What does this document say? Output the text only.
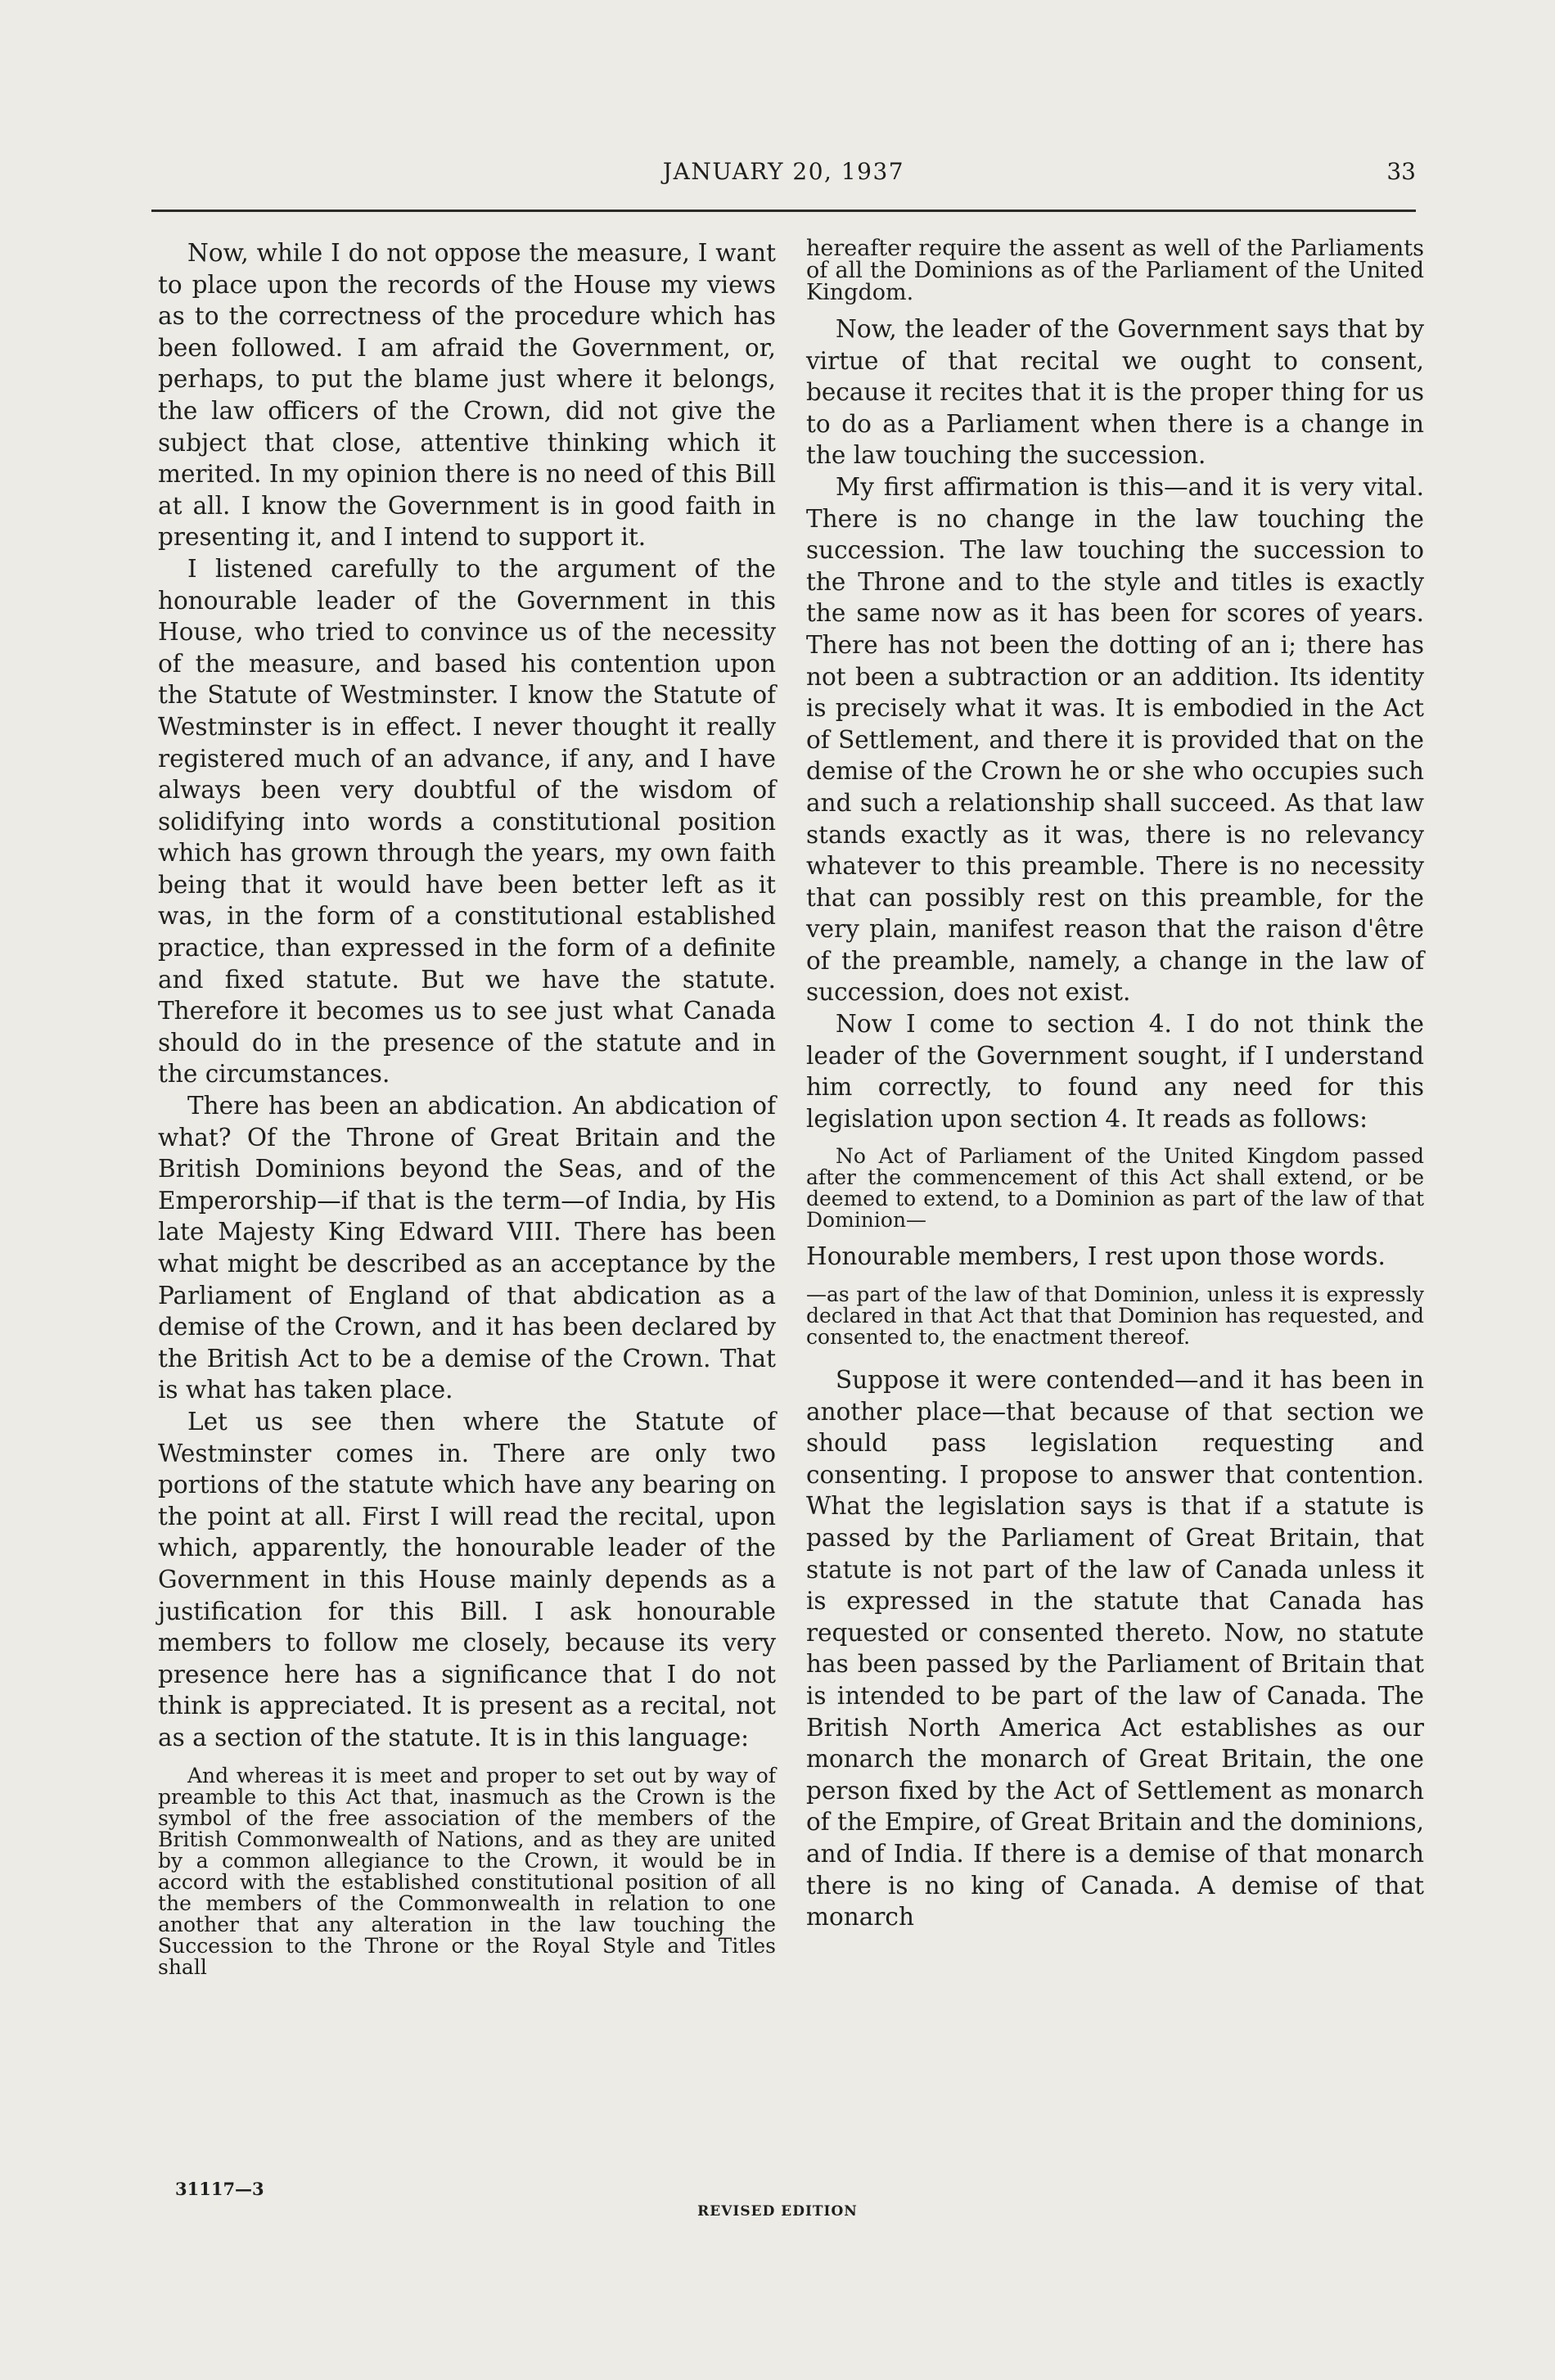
JANUARY 20, 1937	33

Now, while I do not oppose the measure, I want to place upon the records of the House my views as to the correctness of the procedure which has been followed. I am afraid the Government, or, perhaps, to put the blame just where it belongs, the law officers of the Crown, did not give the subject that close, attentive thinking which it merited. In my opinion there is no need of this Bill at all. I know the Government is in good faith in presenting it, and I intend to support it.

I listened carefully to the argument of the honourable leader of the Government in this House, who tried to convince us of the necessity of the measure, and based his contention upon the Statute of Westminster. I know the Statute of Westminster is in effect. I never thought it really registered much of an advance, if any, and I have always been very doubtful of the wisdom of solidifying into words a constitutional position which has grown through the years, my own faith being that it would have been better left as it was, in the form of a constitutional established practice, than expressed in the form of a definite and fixed statute. But we have the statute. Therefore it becomes us to see just what Canada should do in the presence of the statute and in the circumstances.

There has been an abdication. An abdication of what? Of the Throne of Great Britain and the British Dominions beyond the Seas, and of the Emperorship—if that is the term—of India, by His late Majesty King Edward VIII. There has been what might be described as an acceptance by the Parliament of England of that abdication as a demise of the Crown, and it has been declared by the British Act to be a demise of the Crown. That is what has taken place.

Let us see then where the Statute of Westminster comes in. There are only two portions of the statute which have any bearing on the point at all. First I will read the recital, upon which, apparently, the honourable leader of the Government in this House mainly depends as a justification for this Bill. I ask honourable members to follow me closely, because its very presence here has a significance that I do not think is appreciated. It is present as a recital, not as a section of the statute. It is in this language:

And whereas it is meet and proper to set out by way of preamble to this Act that, inasmuch as the Crown is the symbol of the free association of the members of the British Commonwealth of Nations, and as they are united by a common allegiance to the Crown, it would be in accord with the established constitutional position of all the members of the Commonwealth in relation to one another that any alteration in the law touching the Succession to the Throne or the Royal Style and Titles shall

hereafter require the assent as well of the Parliaments of all the Dominions as of the Parliament of the United Kingdom.

Now, the leader of the Government says that by virtue of that recital we ought to consent, because it recites that it is the proper thing for us to do as a Parliament when there is a change in the law touching the succession.

My first affirmation is this—and it is very vital. There is no change in the law touching the succession. The law touching the succession to the Throne and to the style and titles is exactly the same now as it has been for scores of years. There has not been the dotting of an i; there has not been a subtraction or an addition. Its identity is precisely what it was. It is embodied in the Act of Settlement, and there it is provided that on the demise of the Crown he or she who occupies such and such a relationship shall succeed. As that law stands exactly as it was, there is no relevancy whatever to this preamble. There is no necessity that can possibly rest on this preamble, for the very plain, manifest reason that the raison d'être of the preamble, namely, a change in the law of succession, does not exist.

Now I come to section 4. I do not think the leader of the Government sought, if I understand him correctly, to found any need for this legislation upon section 4. It reads as follows:

No Act of Parliament of the United Kingdom passed after the commencement of this Act shall extend, or be deemed to extend, to a Dominion as part of the law of that Dominion—

Honourable members, I rest upon those words.

—as part of the law of that Dominion, unless it is expressly declared in that Act that that Dominion has requested, and consented to, the enactment thereof.

Suppose it were contended—and it has been in another place—that because of that section we should pass legislation requesting and consenting. I propose to answer that contention. What the legislation says is that if a statute is passed by the Parliament of Great Britain, that statute is not part of the law of Canada unless it is expressed in the statute that Canada has requested or consented thereto. Now, no statute has been passed by the Parliament of Britain that is intended to be part of the law of Canada. The British North America Act establishes as our monarch the monarch of Great Britain, the one person fixed by the Act of Settlement as monarch of the Empire, of Great Britain and the dominions, and of India. If there is a demise of that monarch there is no king of Canada. A demise of that monarch

31117—3
REVISED EDITION
